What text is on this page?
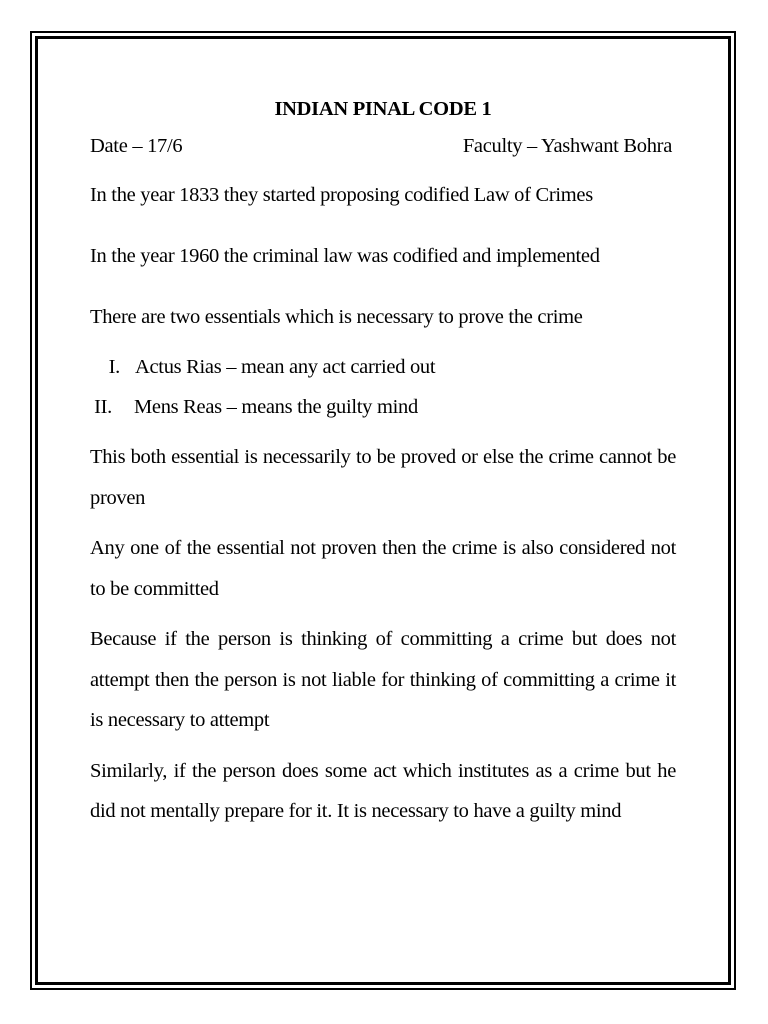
INDIAN PINAL CODE 1
Date – 17/6	Faculty – Yashwant Bohra

In the year 1833 they started proposing codified Law of Crimes

In the year 1960 the criminal law was codified and implemented

There are two essentials which is necessary to prove the crime

I. Actus Rias – mean any act carried out
II. Mens Reas – means the guilty mind

This both essential is necessarily to be proved or else the crime cannot be proven

Any one of the essential not proven then the crime is also considered not to be committed

Because if the person is thinking of committing a crime but does not attempt then the person is not liable for thinking of committing a crime it is necessary to attempt

Similarly, if the person does some act which institutes as a crime but he did not mentally prepare for it. It is necessary to have a guilty mind
